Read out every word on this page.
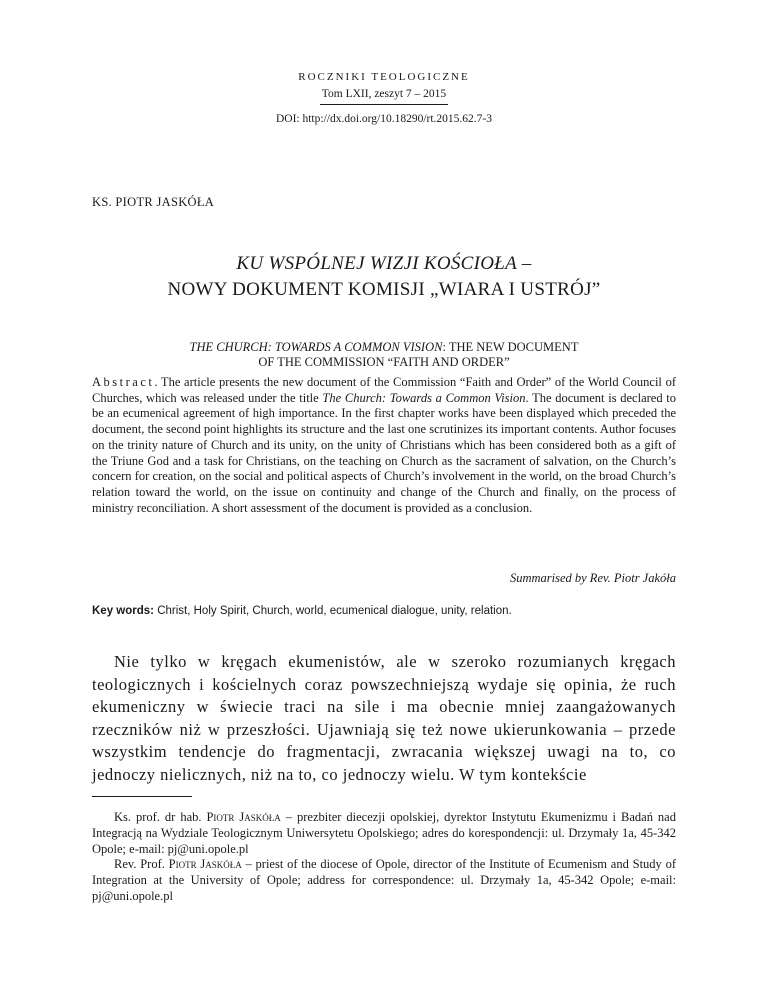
ROCZNIKI TEOLOGICZNE
Tom LXII, zeszyt 7 – 2015
DOI: http://dx.doi.org/10.18290/rt.2015.62.7-3
KS. PIOTR JASKÓŁA
KU WSPÓLNEJ WIZJI KOŚCIOŁA –
NOWY DOKUMENT KOMISJI „WIARA I USTRÓJ”
THE CHURCH: TOWARDS A COMMON VISION: THE NEW DOCUMENT
OF THE COMMISSION “FAITH AND ORDER”
Abstract. The article presents the new document of the Commission “Faith and Order” of the World Council of Churches, which was released under the title The Church: Towards a Common Vision. The document is declared to be an ecumenical agreement of high importance. In the first chapter works have been displayed which preceded the document, the second point highlights its structure and the last one scrutinizes its important contents. Author focuses on the trinity nature of Church and its unity, on the unity of Christians which has been considered both as a gift of the Triune God and a task for Christians, on the teaching on Church as the sacrament of salvation, on the Church’s concern for creation, on the social and political aspects of Church’s involvement in the world, on the broad Church’s relation toward the world, on the issue on continuity and change of the Church and finally, on the process of ministry reconciliation. A short assessment of the document is provided as a conclusion.
Summarised by Rev. Piotr Jakóła
Key words: Christ, Holy Spirit, Church, world, ecumenical dialogue, unity, relation.
Nie tylko w kręgach ekumenistów, ale w szeroko rozumianych kręgach teologicznych i kościelnych coraz powszechniejszą wydaje się opinia, że ruch ekumeniczny w świecie traci na sile i ma obecnie mniej zaangażowanych rzeczników niż w przeszłości. Ujawniają się też nowe ukierunkowania – przede wszystkim tendencje do fragmentacji, zwracania większej uwagi na to, co jednoczy nielicznych, niż na to, co jednoczy wielu. W tym kontekście

Ks. prof. dr hab. Piotr Jaskóła – prezbiter diecezji opolskiej, dyrektor Instytutu Ekumenizmu i Badań nad Integracją na Wydziale Teologicznym Uniwersytetu Opolskiego; adres do korespondencji: ul. Drzymały 1a, 45-342 Opole; e-mail: pj@uni.opole.pl

Rev. Prof. Piotr Jaskóła – priest of the diocese of Opole, director of the Institute of Ecumenism and Study of Integration at the University of Opole; address for correspondence: ul. Drzymały 1a, 45-342 Opole; e-mail: pj@uni.opole.pl
